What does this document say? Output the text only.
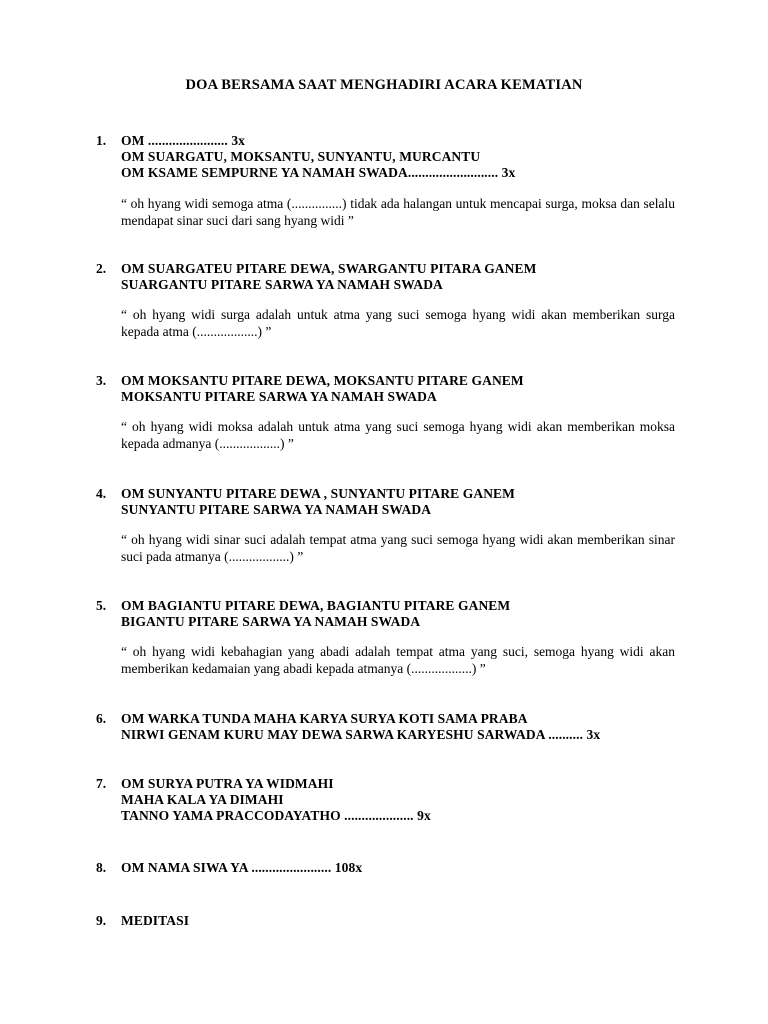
DOA BERSAMA SAAT MENGHADIRI ACARA KEMATIAN
1. OM ....................... 3x
OM SUARGATU, MOKSANTU, SUNYANTU, MURCANTU
OM KSAME SEMPURNE YA NAMAH SWADA.......................... 3x
“ oh hyang widi semoga atma (...............) tidak ada halangan untuk mencapai surga, moksa dan selalu mendapat sinar suci dari sang hyang widi ”
2. OM SUARGATEU PITARE DEWA, SWARGANTU PITARA GANEM
SUARGANTU PITARE SARWA YA NAMAH SWADA
“ oh hyang widi surga adalah untuk atma yang suci semoga hyang widi akan memberikan surga kepada atma (..................) ”
3. OM MOKSANTU PITARE DEWA, MOKSANTU PITARE GANEM
MOKSANTU PITARE SARWA YA NAMAH SWADA
“ oh hyang widi moksa adalah untuk atma yang suci semoga hyang widi akan memberikan moksa kepada admanya (..................) ”
4. OM SUNYANTU PITARE DEWA , SUNYANTU PITARE GANEM
SUNYANTU PITARE SARWA YA NAMAH SWADA
“ oh hyang widi sinar suci adalah tempat atma yang suci semoga hyang widi akan memberikan sinar suci pada atmanya (..................) ”
5. OM BAGIANTU PITARE DEWA, BAGIANTU PITARE GANEM
BIGANTU PITARE SARWA YA NAMAH SWADA
“ oh hyang widi kebahagian yang abadi adalah tempat atma yang suci, semoga hyang widi akan memberikan kedamaian yang abadi kepada atmanya (..................) ”
6. OM WARKA TUNDA MAHA KARYA SURYA KOTI SAMA PRABA
NIRWI GENAM KURU MAY DEWA SARWA KARYESHU SARWADA .......... 3x
7. OM SURYA PUTRA YA WIDMAHI
MAHA KALA YA DIMAHI
TANNO YAMA PRACCODAYATHO .................... 9x
8. OM NAMA SIWA YA ....................... 108x
9. MEDITASI
